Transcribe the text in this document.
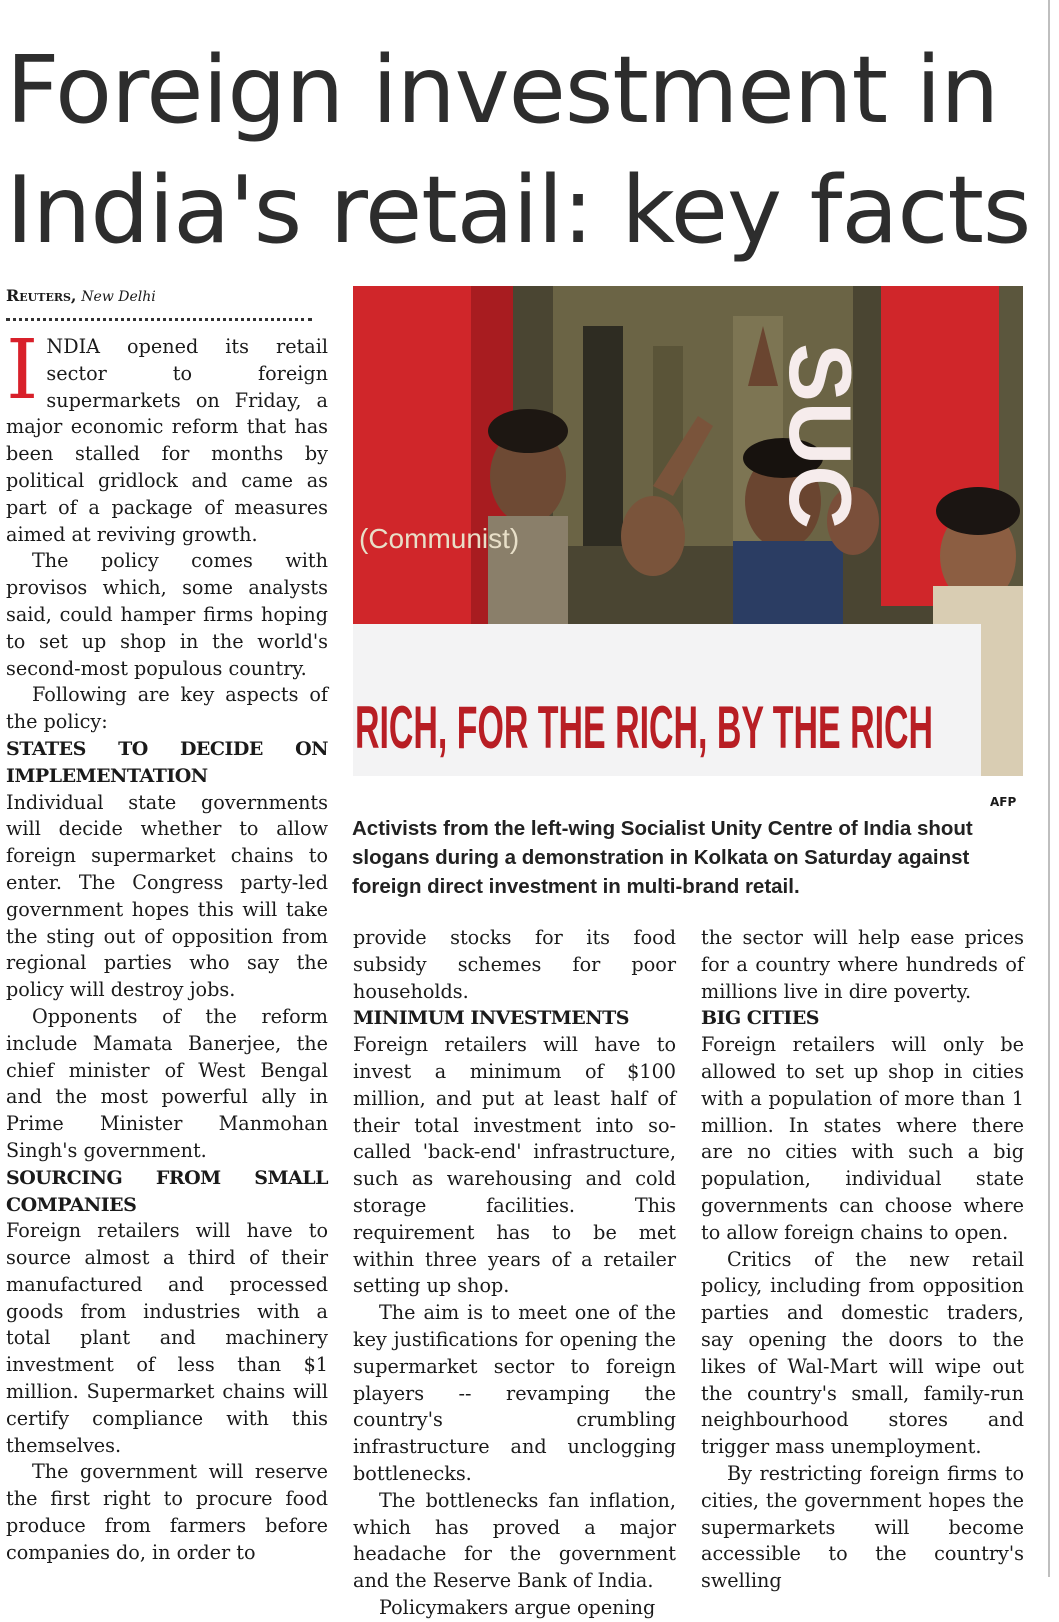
Foreign investment in
India's retail: key facts
Reuters, New Delhi

INDIA opened its retail sector to foreign supermarkets on Friday, a major economic reform that has been stalled for months by political gridlock and came as part of a package of measures aimed at reviving growth.

The policy comes with provisos which, some analysts said, could hamper firms hoping to set up shop in the world's second-most populous country.

Following are key aspects of the policy:

STATES TO DECIDE ON IMPLEMENTATION

Individual state governments will decide whether to allow foreign supermarket chains to enter. The Congress party-led government hopes this will take the sting out of opposition from regional parties who say the policy will destroy jobs.

Opponents of the reform include Mamata Banerjee, the chief minister of West Bengal and the most powerful ally in Prime Minister Manmohan Singh's government.

SOURCING FROM SMALL COMPANIES

Foreign retailers will have to source almost a third of their manufactured and processed goods from industries with a total plant and machinery investment of less than $1 million. Supermarket chains will certify compliance with this themselves.

The government will reserve the first right to procure food produce from farmers before companies do, in order to

(Communist)
SUC
RICH, FOR THE RICH, BY THE RICH
AFP
Activists from the left-wing Socialist Unity Centre of India shout slogans during a demonstration in Kolkata on Saturday against foreign direct investment in multi-brand retail.

provide stocks for its food subsidy schemes for poor households.

MINIMUM INVESTMENTS

Foreign retailers will have to invest a minimum of $100 million, and put at least half of their total investment into so-called 'back-end' infrastructure, such as warehousing and cold storage facilities. This requirement has to be met within three years of a retailer setting up shop.

The aim is to meet one of the key justifications for opening the supermarket sector to foreign players -- revamping the country's crumbling infrastructure and unclogging bottlenecks.

The bottlenecks fan inflation, which has proved a major headache for the government and the Reserve Bank of India.

Policymakers argue opening

the sector will help ease prices for a country where hundreds of millions live in dire poverty.

BIG CITIES

Foreign retailers will only be allowed to set up shop in cities with a population of more than 1 million. In states where there are no cities with such a big population, individual state governments can choose where to allow foreign chains to open.

Critics of the new retail policy, including from opposition parties and domestic traders, say opening the doors to the likes of Wal-Mart will wipe out the country's small, family-run neighbourhood stores and trigger mass unemployment.

By restricting foreign firms to cities, the government hopes the supermarkets will become accessible to the country's swelling
